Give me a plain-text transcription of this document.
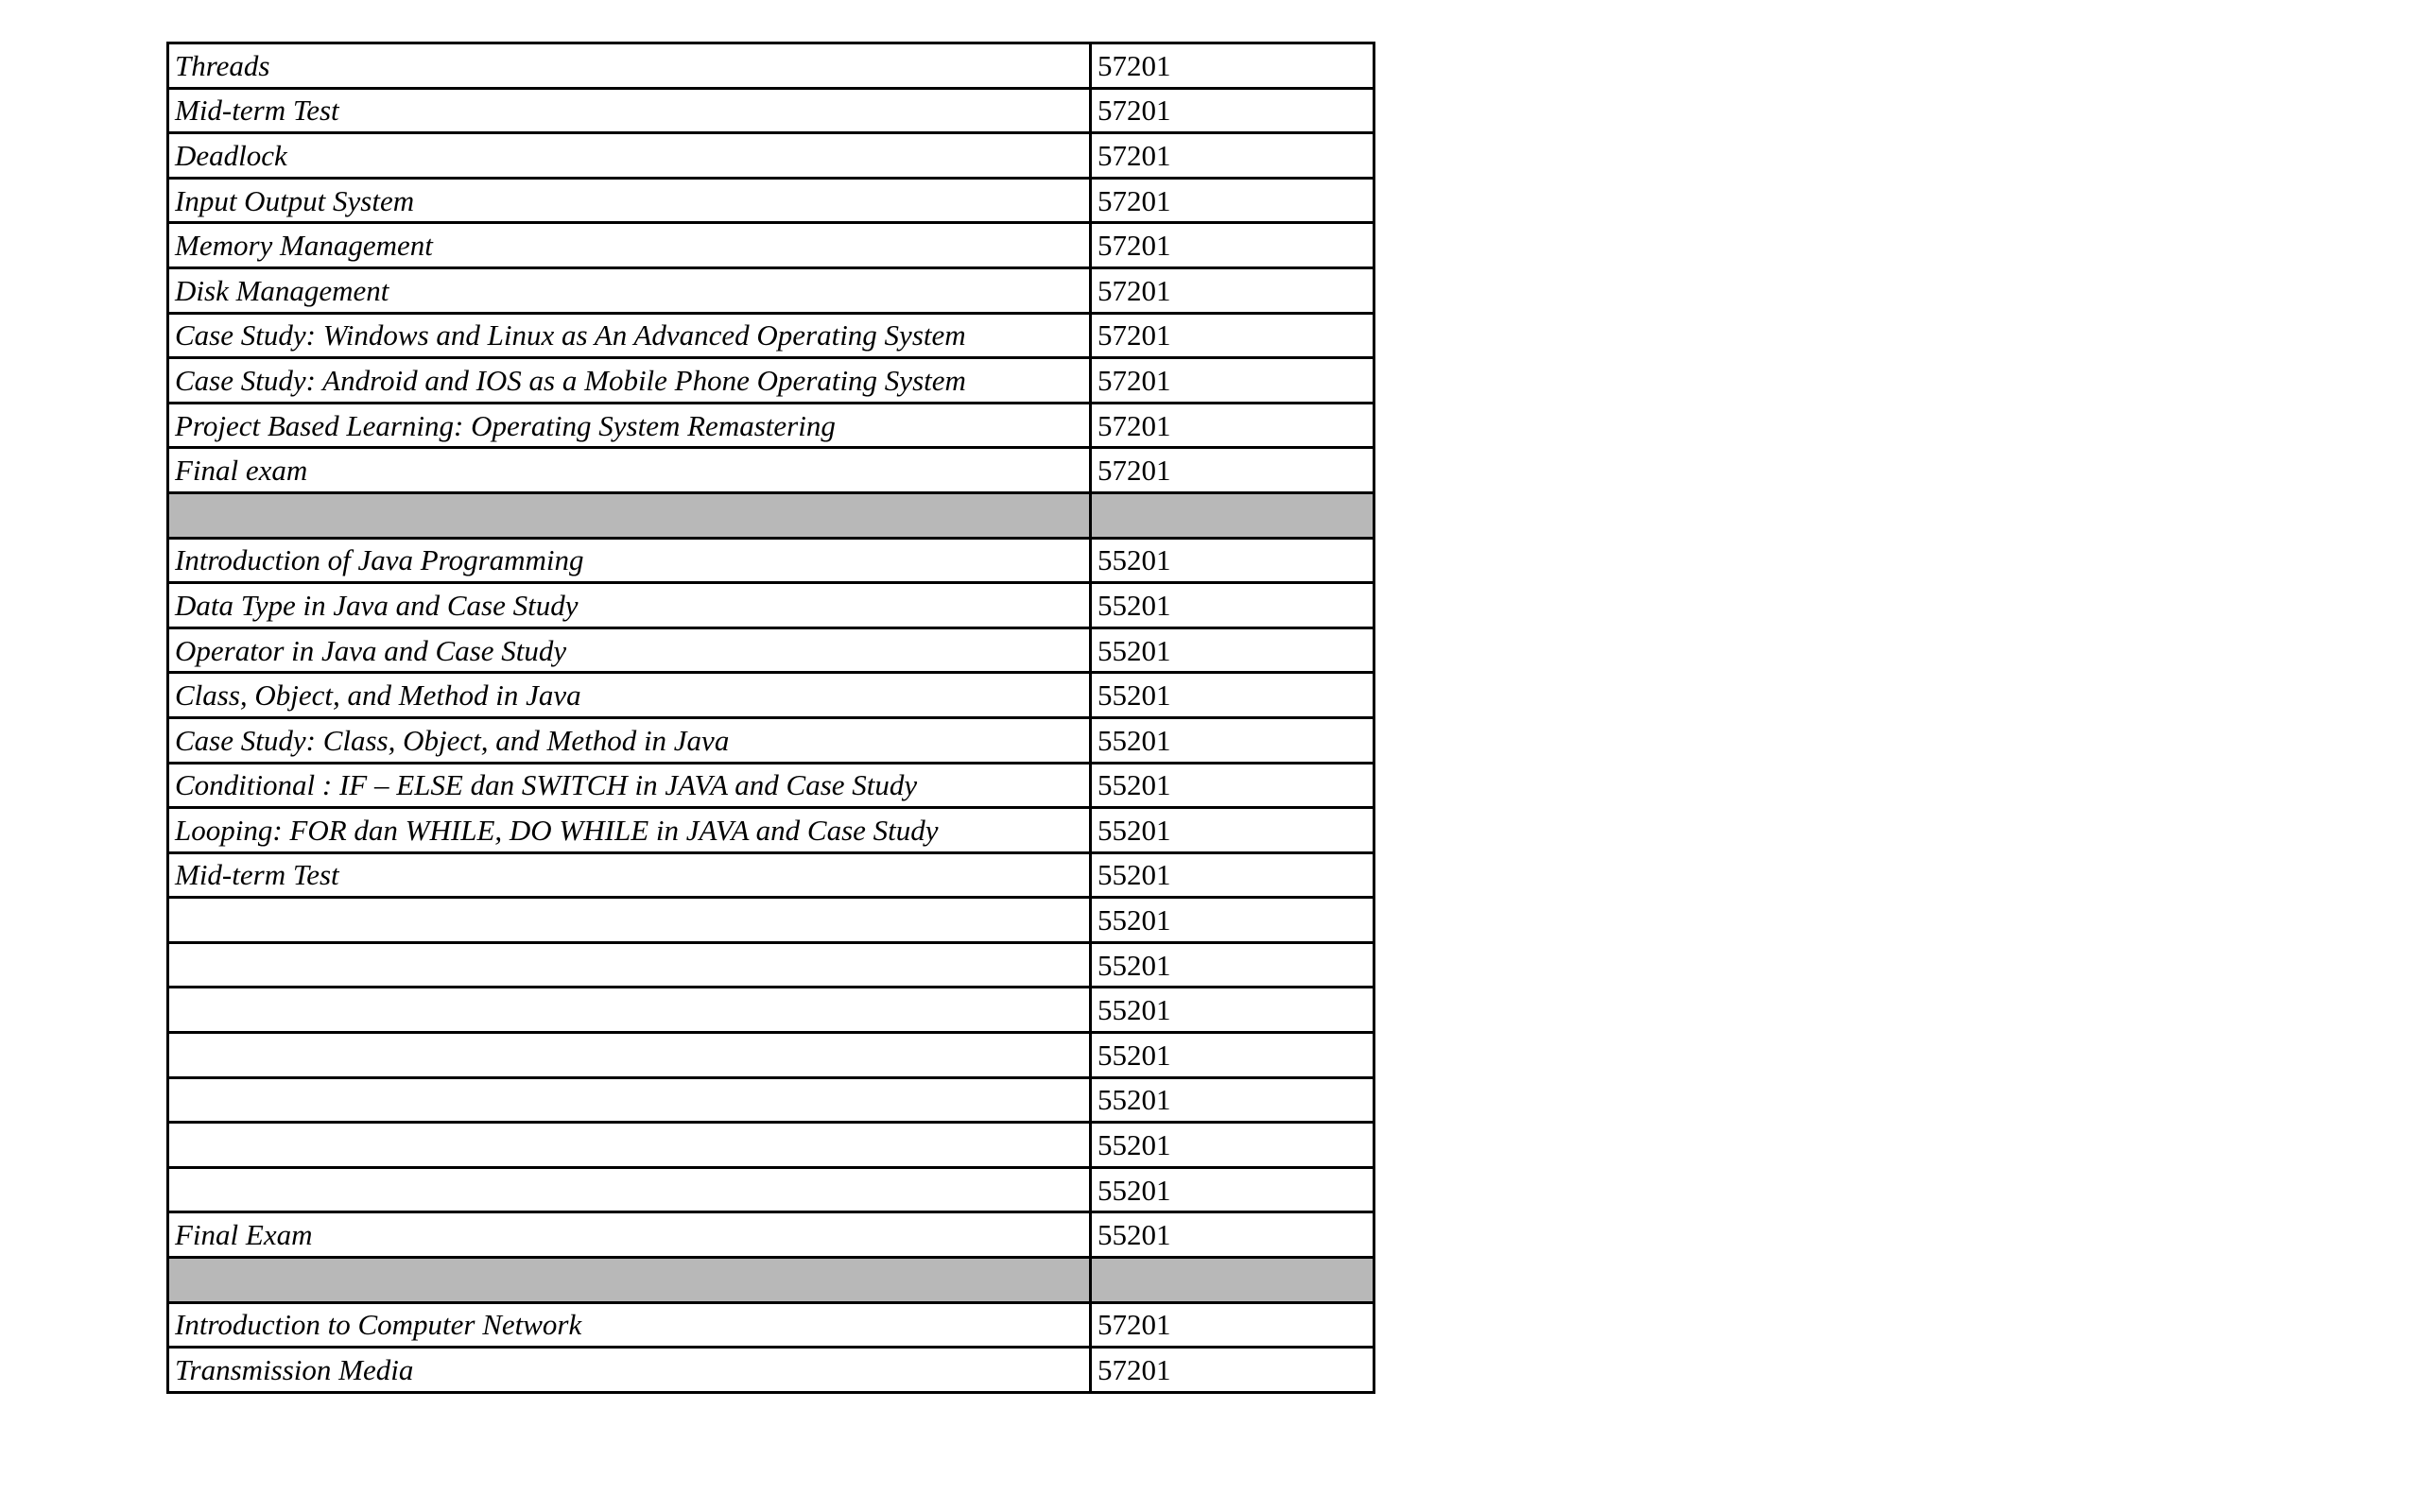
Threads	57201
Mid-term Test	57201
Deadlock	57201
Input Output System	57201
Memory Management	57201
Disk Management	57201
Case Study: Windows and Linux as An Advanced Operating System	57201
Case Study: Android and IOS as a Mobile Phone Operating System	57201
Project Based Learning: Operating System Remastering	57201
Final exam	57201

Introduction of Java Programming	55201
Data Type in Java and Case Study	55201
Operator in Java and Case Study	55201
Class, Object, and Method in Java	55201
Case Study: Class, Object, and Method in Java	55201
Conditional : IF – ELSE dan SWITCH in JAVA and Case Study	55201
Looping: FOR dan WHILE, DO WHILE in JAVA and Case Study	55201
Mid-term Test	55201
	55201
	55201
	55201
	55201
	55201
	55201
	55201
Final Exam	55201

Introduction to Computer Network	57201
Transmission Media	57201
